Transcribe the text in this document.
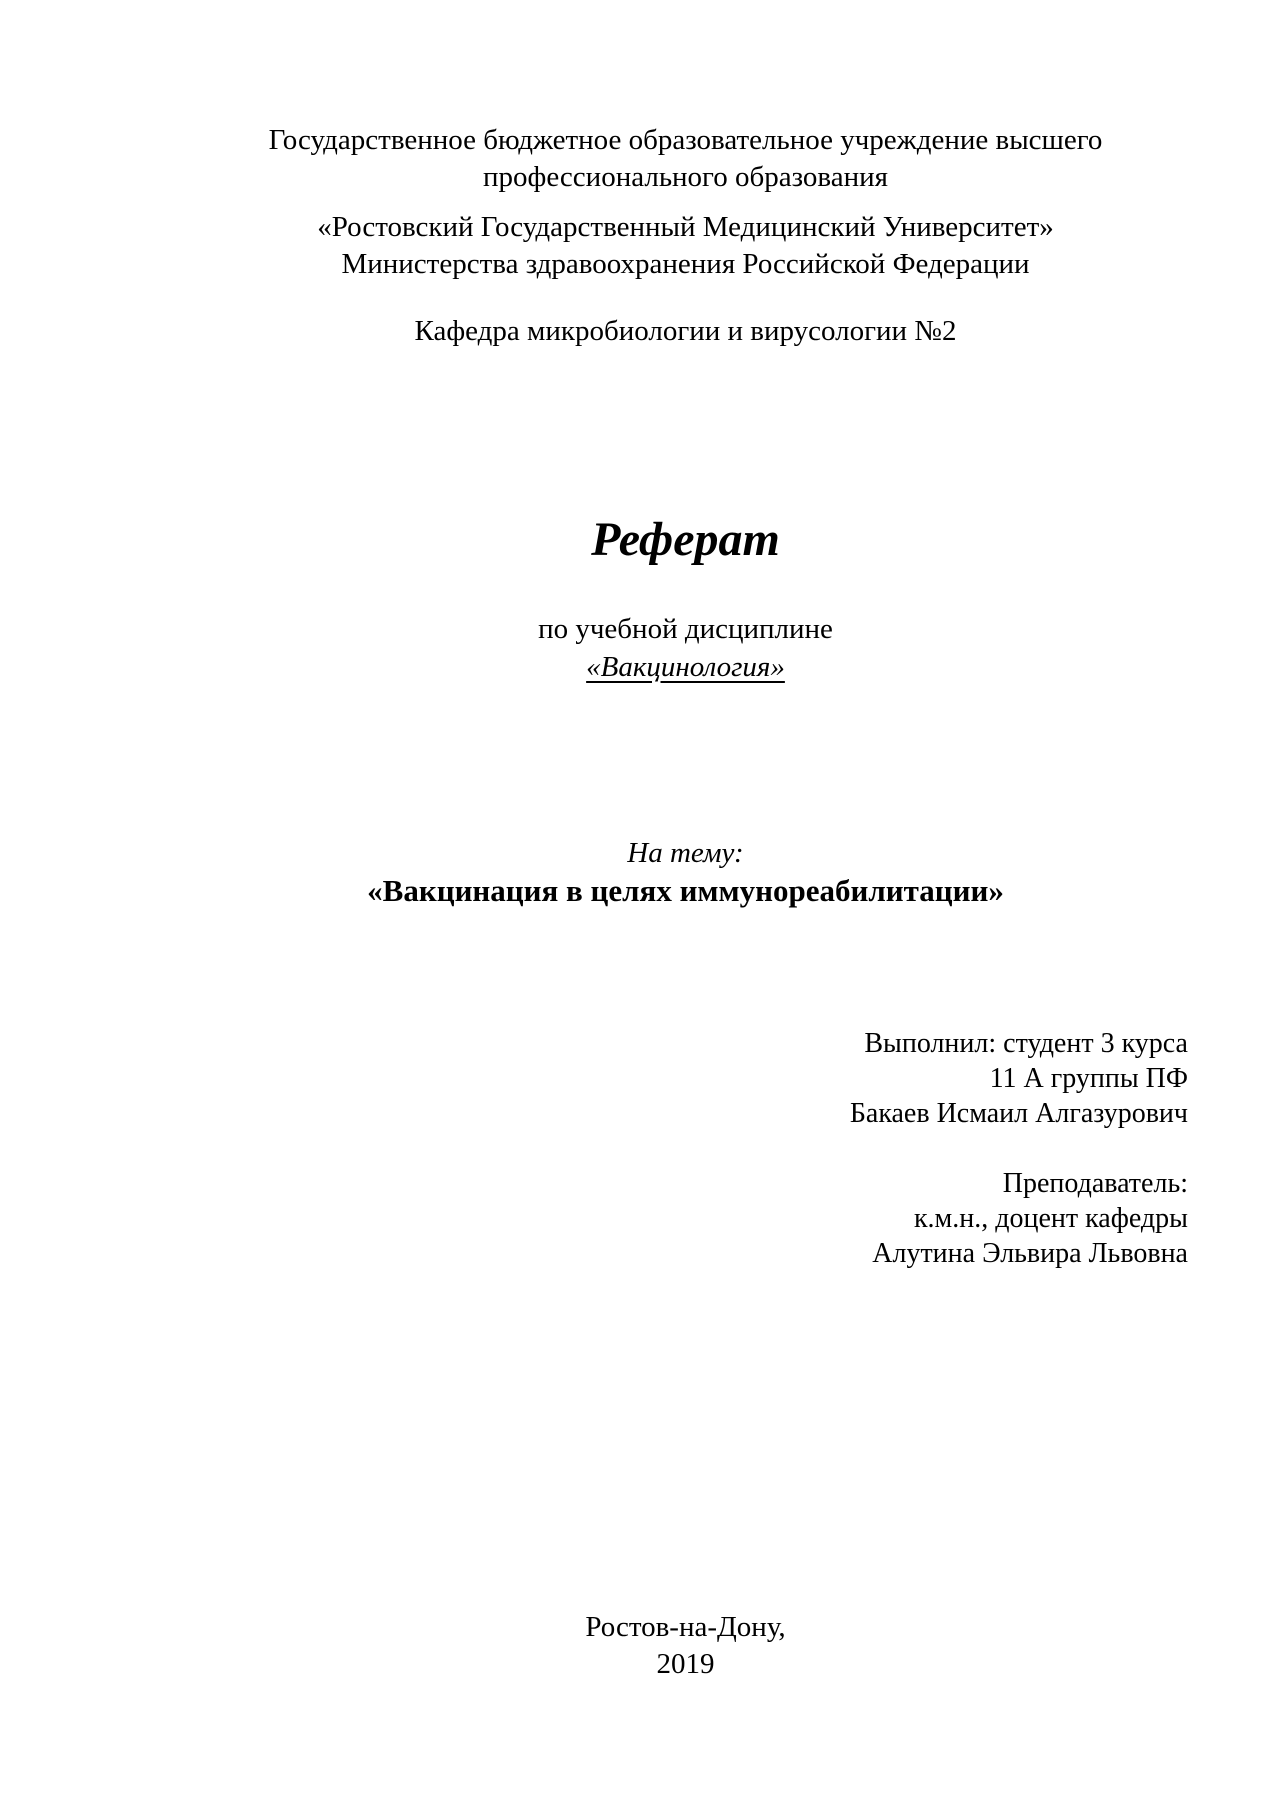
Государственное бюджетное образовательное учреждение высшего
профессионального образования
«Ростовский Государственный Медицинский Университет»
Министерства здравоохранения Российской Федерации
Кафедра микробиологии и вирусологии №2
Реферат
по учебной дисциплине
«Вакцинология»
На тему:
«Вакцинация в целях иммунореабилитации»
Выполнил: студент 3 курса
11 А группы ПФ
Бакаев Исмаил Алгазурович
Преподаватель:
к.м.н., доцент кафедры
Алутина Эльвира Львовна
Ростов-на-Дону,
2019
